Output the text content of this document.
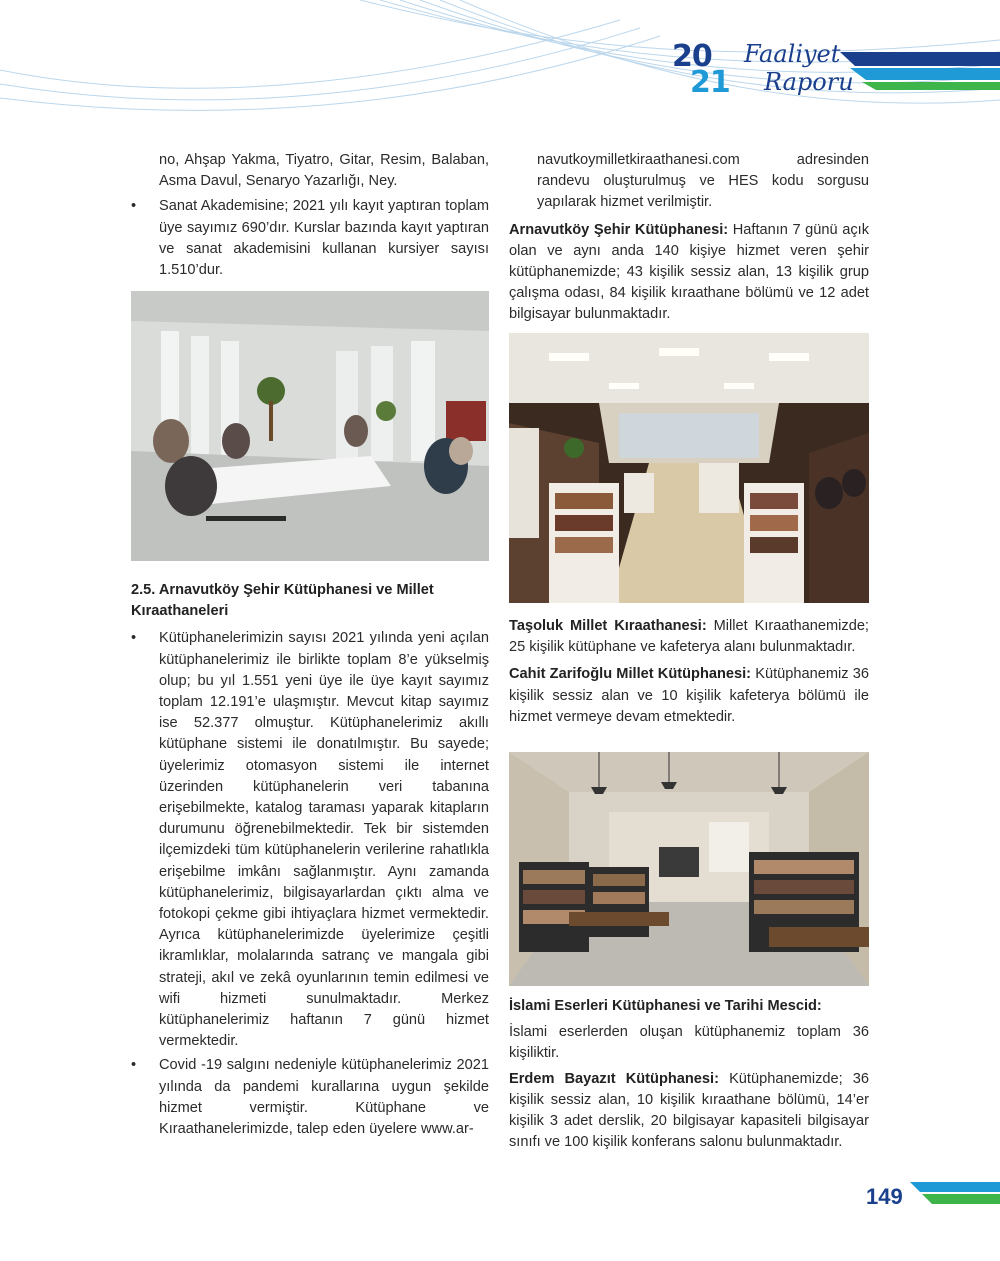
20
21
Faaliyet
Raporu

no, Ahşap Yakma, Tiyatro, Gitar, Resim, Balaban, Asma Davul, Senaryo Yazarlığı, Ney.

• Sanat Akademisine; 2021 yılı kayıt yaptıran toplam üye sayımız 690’dır. Kurslar bazında kayıt yaptıran ve sanat akademisini kullanan kursiyer sayısı 1.510’dur.

2.5. Arnavutköy Şehir Kütüphanesi ve Millet Kıraathaneleri

• Kütüphanelerimizin sayısı 2021 yılında yeni açılan kütüphanelerimiz ile birlikte toplam 8’e yükselmiş olup; bu yıl 1.551 yeni üye ile üye kayıt sayımız toplam 12.191’e ulaşmıştır. Mevcut kitap sayımız ise 52.377 olmuştur. Kütüphanelerimiz akıllı kütüphane sistemi ile donatılmıştır. Bu sayede; üyelerimiz otomasyon sistemi ile internet üzerinden kütüphanelerin veri tabanına erişebilmekte, katalog taraması yaparak kitapların durumunu öğrenebilmektedir. Tek bir sistemden ilçemizdeki tüm kütüphanelerin verilerine rahatlıkla erişebilme imkânı sağlanmıştır. Aynı zamanda kütüphanelerimiz, bilgisayarlardan çıktı alma ve fotokopi çekme gibi ihtiyaçlara hizmet vermektedir. Ayrıca kütüphanelerimizde üyelerimize çeşitli ikramlıklar, molalarında satranç ve mangala gibi strateji, akıl ve zekâ oyunlarının temin edilmesi ve wifi hizmeti sunulmaktadır. Merkez kütüphanelerimiz haftanın 7 günü hizmet vermektedir.

• Covid -19 salgını nedeniyle kütüphanelerimiz 2021 yılında da pandemi kurallarına uygun şekilde hizmet vermiştir. Kütüphane ve Kıraathanelerimizde, talep eden üyelere www.ar-

navutkoymilletkiraathanesi.com adresinden randevu oluşturulmuş ve HES kodu sorgusu yapılarak hizmet verilmiştir.

Arnavutköy Şehir Kütüphanesi: Haftanın 7 günü açık olan ve aynı anda 140 kişiye hizmet veren şehir kütüphanemizde; 43 kişilik sessiz alan, 13 kişilik grup çalışma odası, 84 kişilik kıraathane bölümü ve 12 adet bilgisayar bulunmaktadır.

Taşoluk Millet Kıraathanesi: Millet Kıraathanemizde; 25 kişilik kütüphane ve kafeterya alanı bulunmaktadır.

Cahit Zarifoğlu Millet Kütüphanesi: Kütüphanemiz 36 kişilik sessiz alan ve 10 kişilik kafeterya bölümü ile hizmet vermeye devam etmektedir.

İslami Eserleri Kütüphanesi ve Tarihi Mescid:

İslami eserlerden oluşan kütüphanemiz toplam 36 kişiliktir.

Erdem Bayazıt Kütüphanesi: Kütüphanemizde; 36 kişilik sessiz alan, 10 kişilik kıraathane bölümü, 14’er kişilik 3 adet derslik, 20 bilgisayar kapasiteli bilgisayar sınıfı ve 100 kişilik konferans salonu bulunmaktadır.

149
